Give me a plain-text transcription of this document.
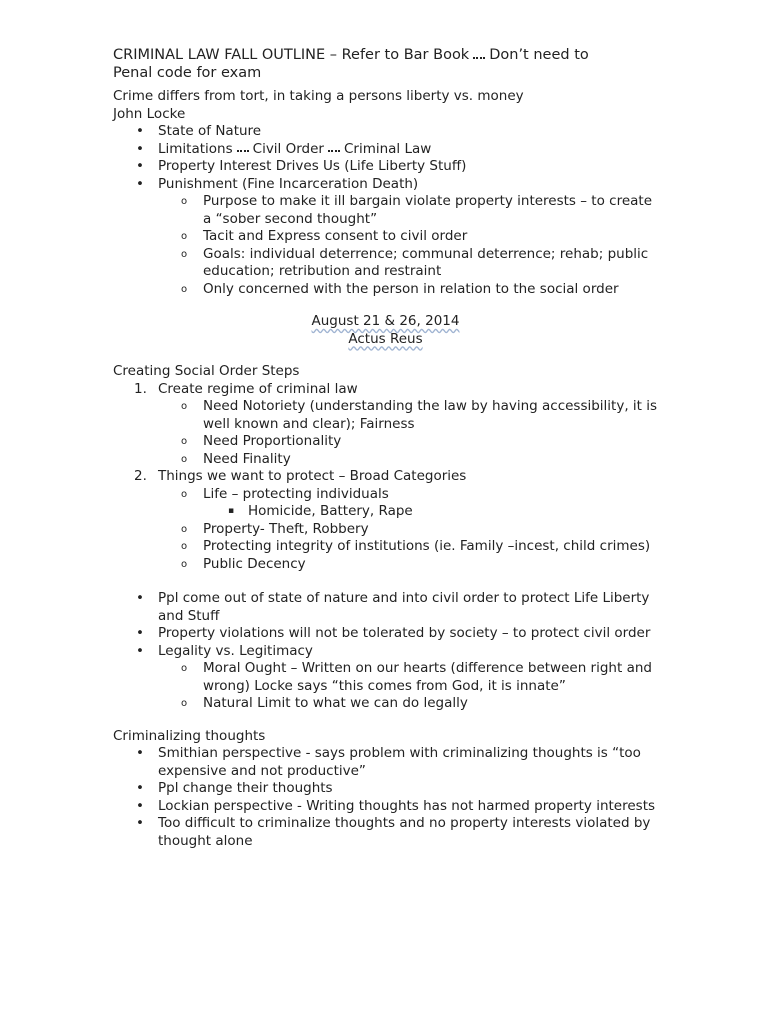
CRIMINAL LAW FALL OUTLINE – Refer to Bar Book Don’t need to
Penal code for exam

Crime differs from tort, in taking a persons liberty vs. money

John Locke

• State of Nature
• Limitations Civil Order Criminal Law
• Property Interest Drives Us (Life Liberty Stuff)
• Punishment (Fine Incarceration Death)
o Purpose to make it ill bargain violate property interests – to create a “sober second thought”
o Tacit and Express consent to civil order
o Goals: individual deterrence; communal deterrence; rehab; public education; retribution and restraint
o Only concerned with the person in relation to the social order

August 21 & 26, 2014

Actus Reus

Creating Social Order Steps

1. Create regime of criminal law
o Need Notoriety (understanding the law by having accessibility, it is well known and clear); Fairness
o Need Proportionality
o Need Finality
2. Things we want to protect – Broad Categories
o Life – protecting individuals
▪ Homicide, Battery, Rape
o Property- Theft, Robbery
o Protecting integrity of institutions (ie. Family –incest, child crimes)
o Public Decency
• Ppl come out of state of nature and into civil order to protect Life Liberty and Stuff
• Property violations will not be tolerated by society – to protect civil order
• Legality vs. Legitimacy
o Moral Ought – Written on our hearts (difference between right and wrong) Locke says “this comes from God, it is innate”
o Natural Limit to what we can do legally

Criminalizing thoughts

• Smithian perspective - says problem with criminalizing thoughts is “too expensive and not productive”
• Ppl change their thoughts
• Lockian perspective - Writing thoughts has not harmed property interests
• Too difficult to criminalize thoughts and no property interests violated by thought alone
